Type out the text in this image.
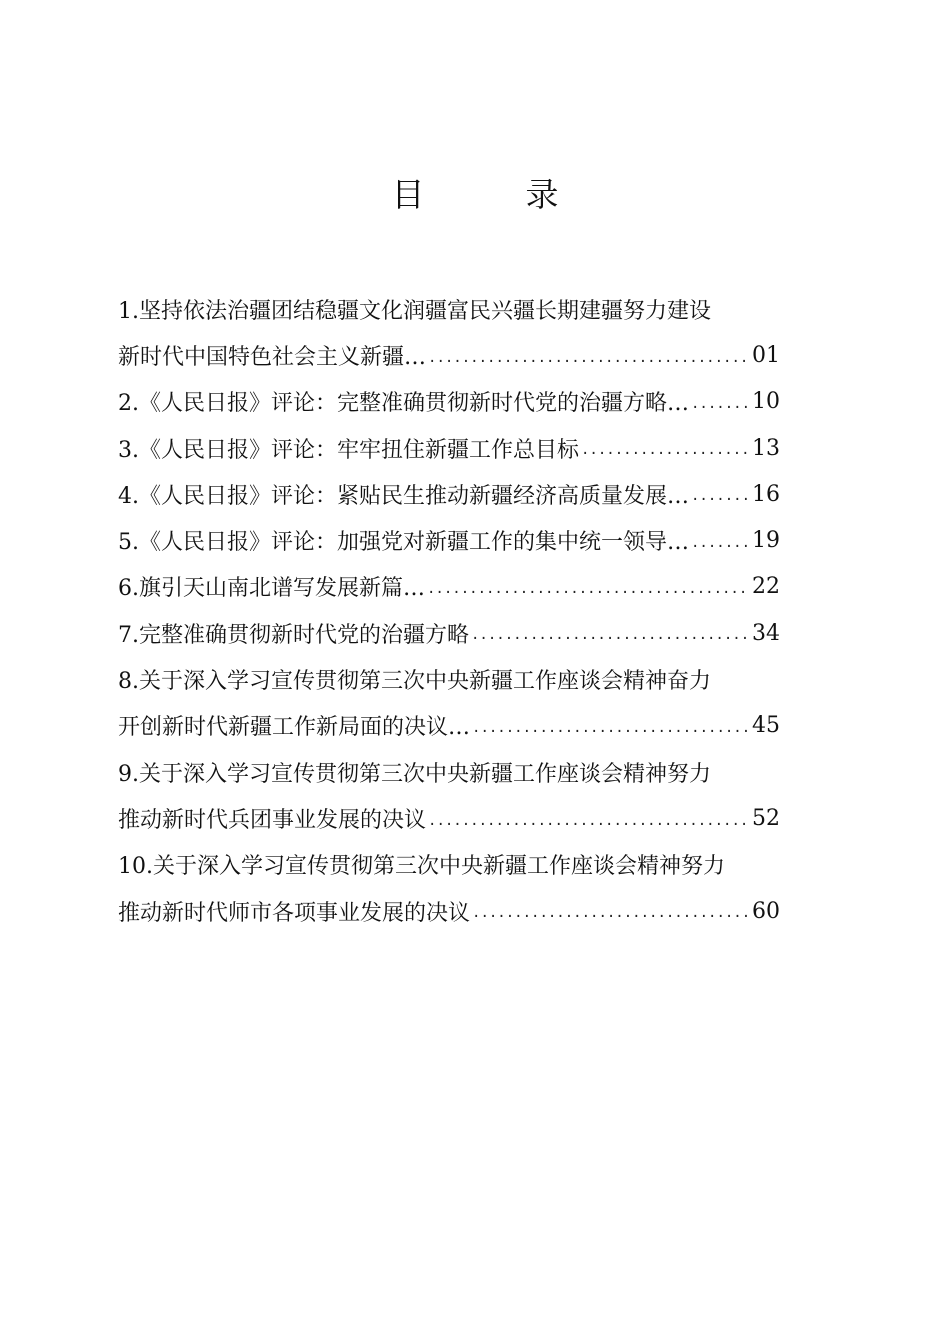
目　录
1.坚持依法治疆团结稳疆文化润疆富民兴疆长期建疆努力建设
新时代中国特色社会主义新疆… .....	01
2.《人民日报》评论：完整准确贯彻新时代党的治疆方略… .....	10
3.《人民日报》评论：牢牢扭住新疆工作总目标 .....	13
4.《人民日报》评论：紧贴民生推动新疆经济高质量发展… .....	16
5.《人民日报》评论：加强党对新疆工作的集中统一领导… .....	19
6.旗引天山南北谱写发展新篇… .....	22
7.完整准确贯彻新时代党的治疆方略 .....	34
8.关于深入学习宣传贯彻第三次中央新疆工作座谈会精神奋力
开创新时代新疆工作新局面的决议… .....	45
9.关于深入学习宣传贯彻第三次中央新疆工作座谈会精神努力
推动新时代兵团事业发展的决议 .....	52
10.关于深入学习宣传贯彻第三次中央新疆工作座谈会精神努力
推动新时代师市各项事业发展的决议 .....	60
